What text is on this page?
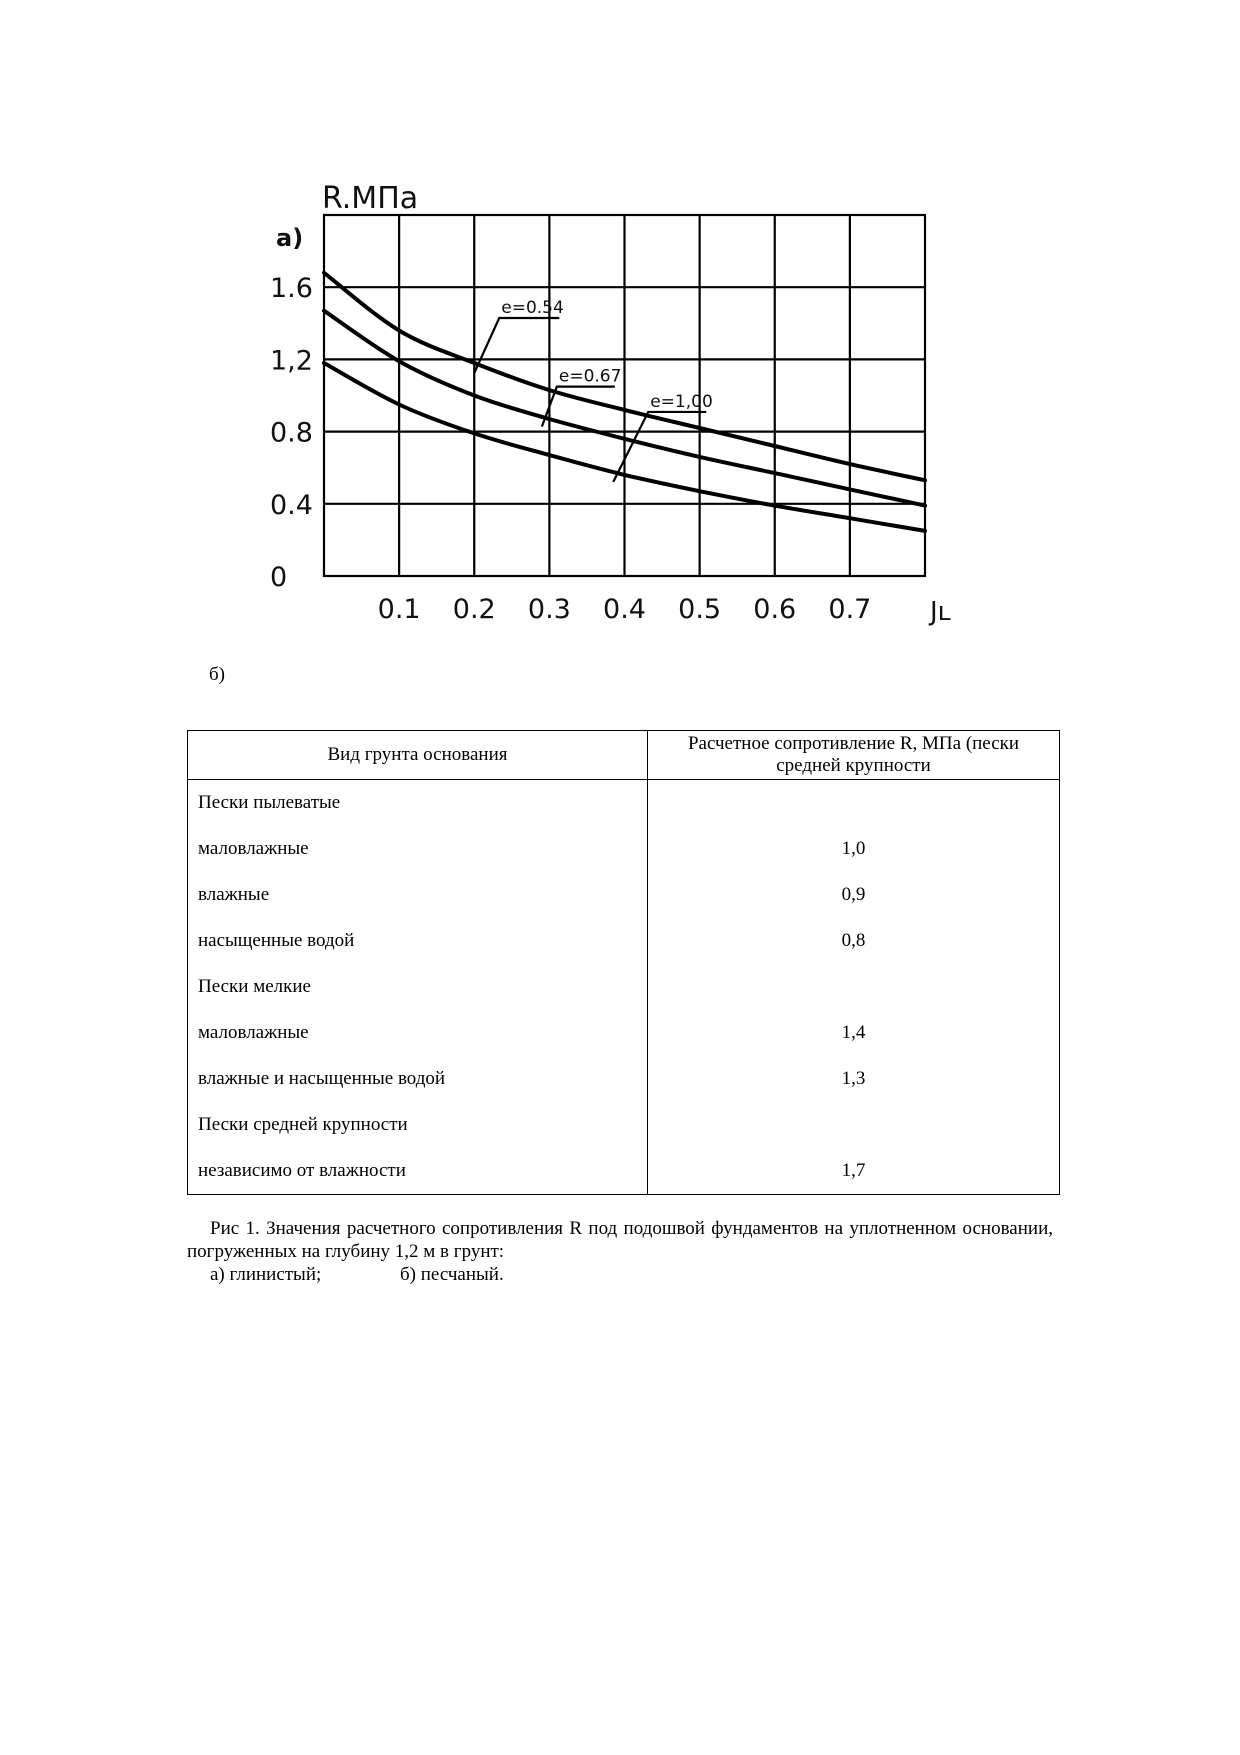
R.МПа
а)
0.1 0.2 0.3 0.4 0.5 0.6 0.7
1.6
1,2
0.8
0.4
0
e=0.54
e=0.67
e=1,00
Jʟ
б)
Вид грунта основания	Расчетное сопротивление R, МПа (пески средней крупности
Пески пылеватые	
маловлажные	1,0
влажные	0,9
насыщенные водой	0,8
Пески мелкие	
маловлажные	1,4
влажные и насыщенные водой	1,3
Пески средней крупности	
независимо от влажности	1,7

Рис 1. Значения расчетного сопротивления R под подошвой фундаментов на уплотненном основании, погруженных на глубину 1,2 м в грунт:

а) глинистый;	б) песчаный.
